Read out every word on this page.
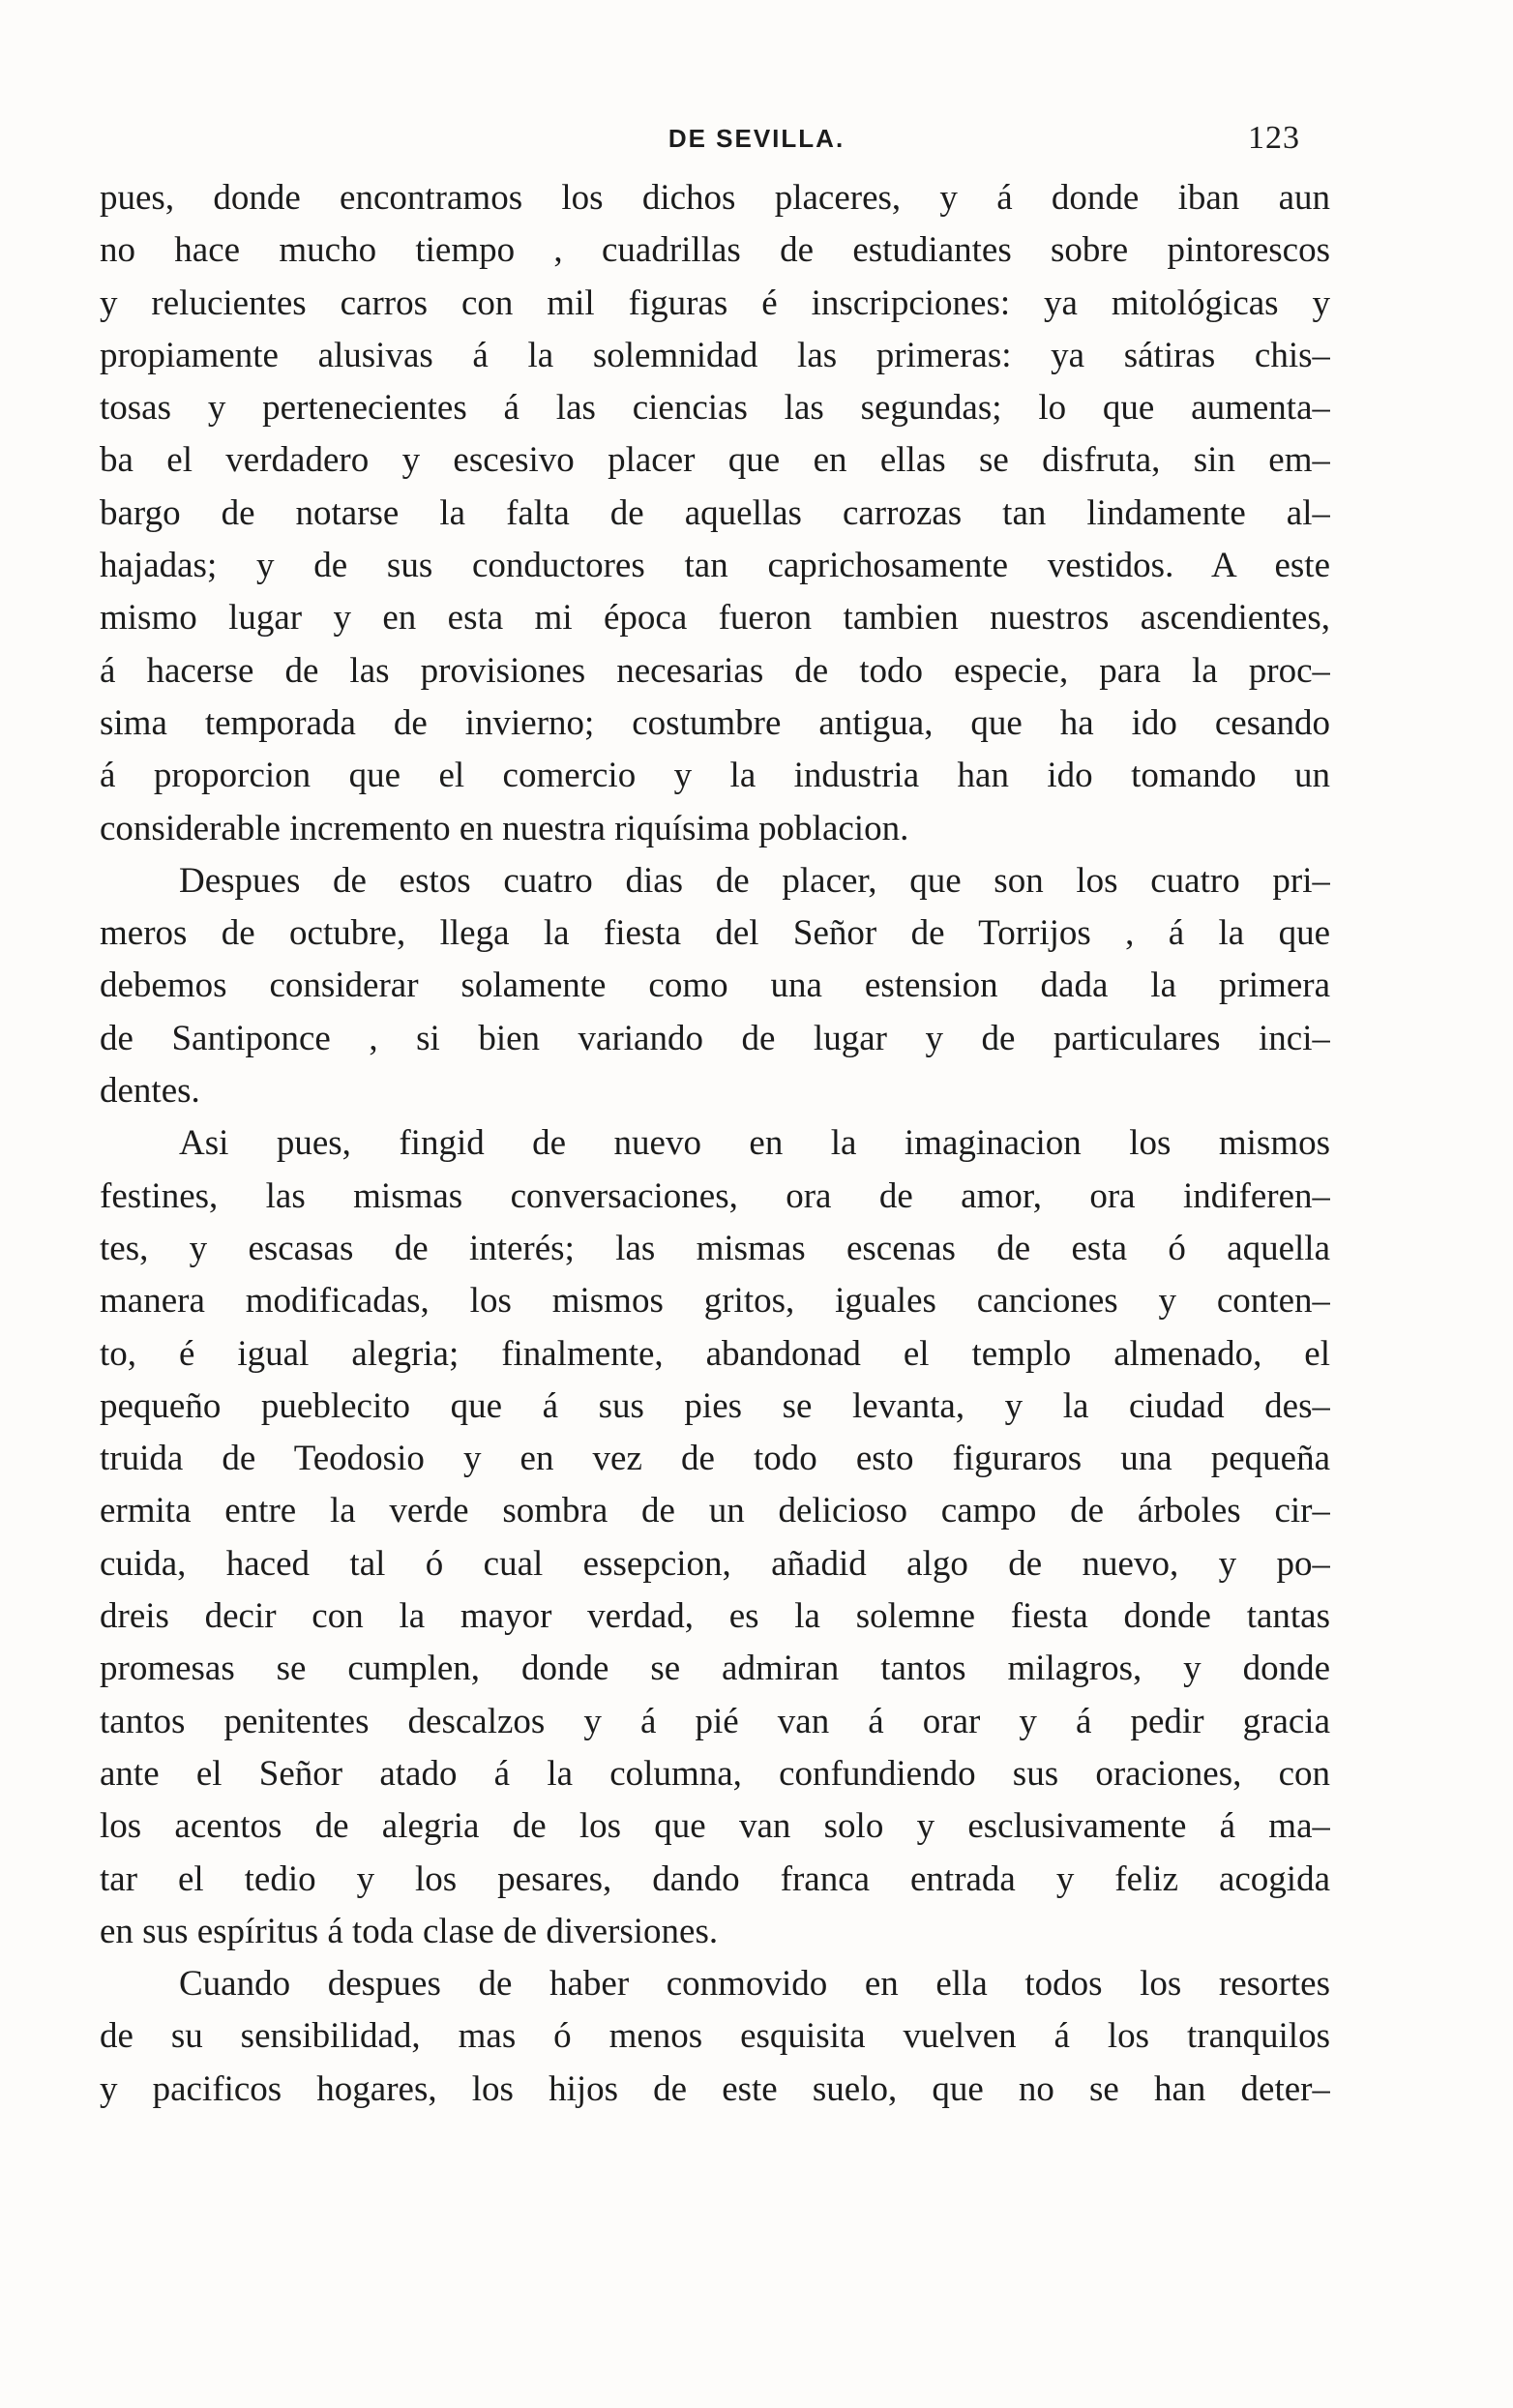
DE SEVILLA.	123
pues, donde encontramos los dichos placeres, y á donde iban aun
no hace mucho tiempo , cuadrillas de estudiantes sobre pintorescos
y relucientes carros con mil figuras é inscripciones: ya mitológicas y
propiamente alusivas á la solemnidad las primeras: ya sátiras chis–
tosas y pertenecientes á las ciencias las segundas; lo que aumenta–
ba el verdadero y escesivo placer que en ellas se disfruta, sin em–
bargo de notarse la falta de aquellas carrozas tan lindamente al–
hajadas; y de sus conductores tan caprichosamente vestidos. A este
mismo lugar y en esta mi época fueron tambien nuestros ascendientes,
á hacerse de las provisiones necesarias de todo especie, para la proc–
sima temporada de invierno; costumbre antigua, que ha ido cesando
á proporcion que el comercio y la industria han ido tomando un
considerable incremento en nuestra riquísima poblacion.
Despues de estos cuatro dias de placer, que son los cuatro pri–
meros de octubre, llega la fiesta del Señor de Torrijos , á la que
debemos considerar solamente como una estension dada la primera
de Santiponce , si bien variando de lugar y de particulares inci–
dentes.
Asi pues, fingid de nuevo en la imaginacion los mismos
festines, las mismas conversaciones, ora de amor, ora indiferen–
tes, y escasas de interés; las mismas escenas de esta ó aquella
manera modificadas, los mismos gritos, iguales canciones y conten–
to, é igual alegria; finalmente, abandonad el templo almenado, el
pequeño pueblecito que á sus pies se levanta, y la ciudad des–
truida de Teodosio y en vez de todo esto figuraros una pequeña
ermita entre la verde sombra de un delicioso campo de árboles cir–
cuida, haced tal ó cual essepcion, añadid algo de nuevo, y po–
dreis decir con la mayor verdad, es la solemne fiesta donde tantas
promesas se cumplen, donde se admiran tantos milagros, y donde
tantos penitentes descalzos y á pié van á orar y á pedir gracia
ante el Señor atado á la columna, confundiendo sus oraciones, con
los acentos de alegria de los que van solo y esclusivamente á ma–
tar el tedio y los pesares, dando franca entrada y feliz acogida
en sus espíritus á toda clase de diversiones.
Cuando despues de haber conmovido en ella todos los resortes
de su sensibilidad, mas ó menos esquisita vuelven á los tranquilos
y pacificos hogares, los hijos de este suelo, que no se han deter–
